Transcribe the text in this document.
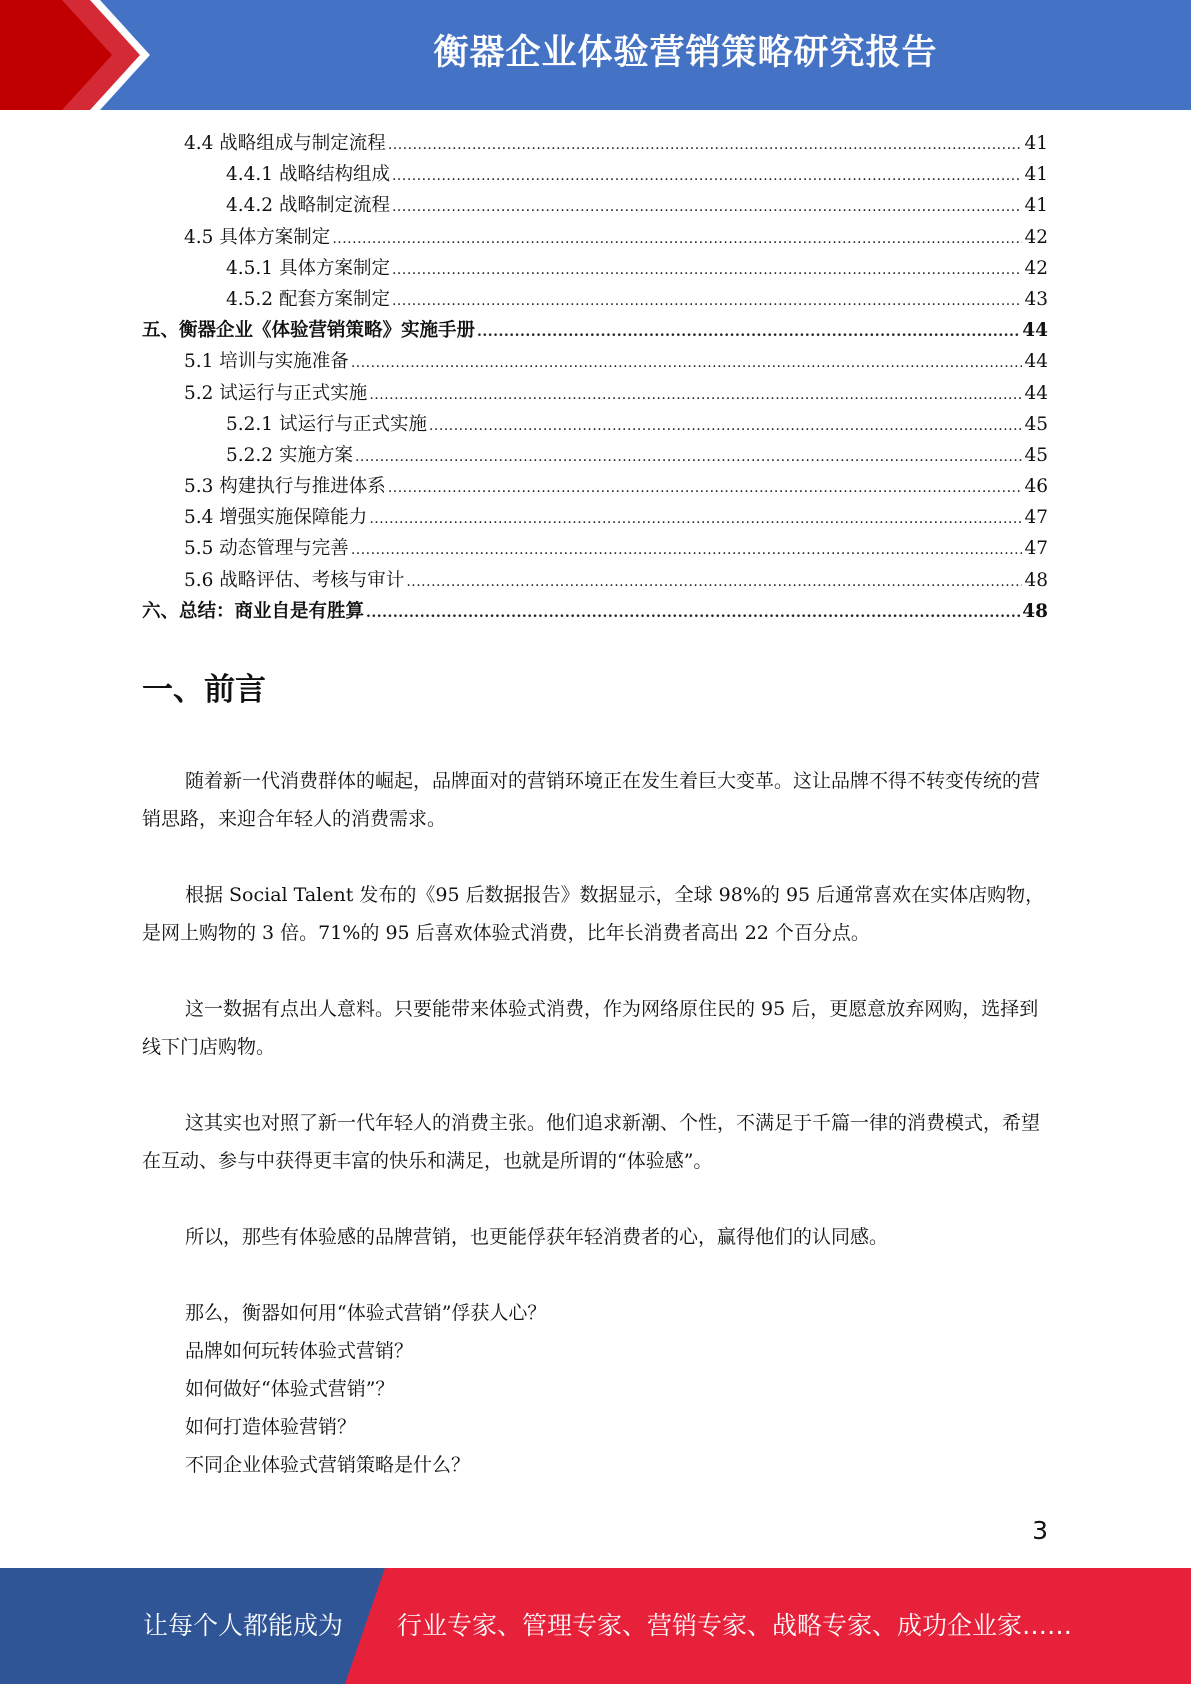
衡器企业体验营销策略研究报告
4.4 战略组成与制定流程 .....	41
4.4.1 战略结构组成 .....	41
4.4.2 战略制定流程 .....	41
4.5 具体方案制定 .....	42
4.5.1 具体方案制定 .....	42
4.5.2 配套方案制定 .....	43
五、衡器企业《体验营销策略》实施手册 .....	44
5.1 培训与实施准备 .....	44
5.2 试运行与正式实施 .....	44
5.2.1 试运行与正式实施 .....	45
5.2.2 实施方案 .....	45
5.3 构建执行与推进体系 .....	46
5.4 增强实施保障能力 .....	47
5.5 动态管理与完善 .....	47
5.6 战略评估、考核与审计 .....	48
六、总结：商业自是有胜算 .....	48
一、前言

随着新一代消费群体的崛起，品牌面对的营销环境正在发生着巨大变革。这让品牌不得不转变传统的营销思路，来迎合年轻人的消费需求。

根据 Social Talent 发布的《95 后数据报告》数据显示，全球 98%的 95 后通常喜欢在实体店购物，是网上购物的 3 倍。71%的 95 后喜欢体验式消费，比年长消费者高出 22 个百分点。

这一数据有点出人意料。只要能带来体验式消费，作为网络原住民的 95 后，更愿意放弃网购，选择到线下门店购物。

这其实也对照了新一代年轻人的消费主张。他们追求新潮、个性，不满足于千篇一律的消费模式，希望在互动、参与中获得更丰富的快乐和满足，也就是所谓的“体验感”。

所以，那些有体验感的品牌营销，也更能俘获年轻消费者的心，赢得他们的认同感。

那么，衡器如何用“体验式营销”俘获人心？

品牌如何玩转体验式营销？

如何做好“体验式营销”？

如何打造体验营销？

不同企业体验式营销策略是什么？

3
让每个人都能成为 行业专家、管理专家、营销专家、战略专家、成功企业家……
